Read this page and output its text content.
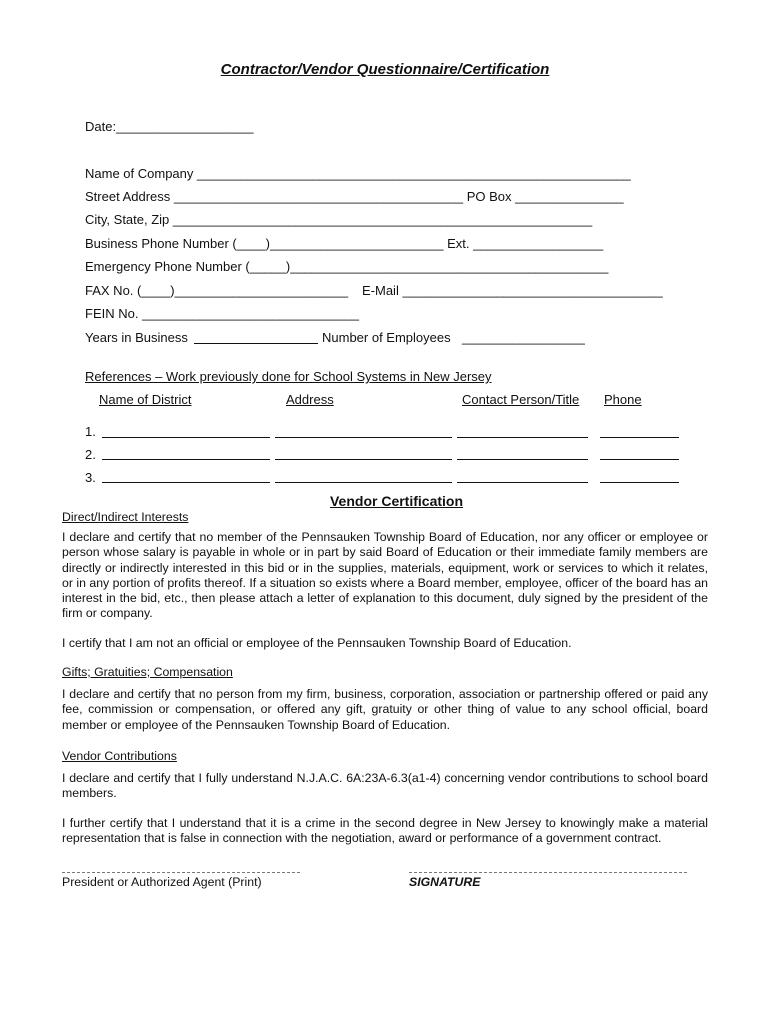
Contractor/Vendor Questionnaire/Certification
Date:___________________
Name of Company ____________________________________________________________
Street Address ________________________________________ PO Box _______________
City, State, Zip __________________________________________________________
Business Phone Number (____)________________________ Ext. __________________
Emergency Phone Number (_____)____________________________________________
FAX No. (____)________________________ E-Mail ____________________________________
FEIN No. ______________________________
Years in Business	Number of Employees _________________
References – Work previously done for School Systems in New Jersey
Name of District	Address	Contact Person/Title Phone
1.
2.
3.
Vendor Certification
Direct/Indirect Interests
I declare and certify that no member of the Pennsauken Township Board of Education, nor any officer or employee or person whose salary is payable in whole or in part by said Board of Education or their immediate family members are directly or indirectly interested in this bid or in the supplies, materials, equipment, work or services to which it relates, or in any portion of profits thereof. If a situation so exists where a Board member, employee, officer of the board has an interest in the bid, etc., then please attach a letter of explanation to this document, duly signed by the president of the firm or company.
I certify that I am not an official or employee of the Pennsauken Township Board of Education.
Gifts; Gratuities; Compensation
I declare and certify that no person from my firm, business, corporation, association or partnership offered or paid any fee, commission or compensation, or offered any gift, gratuity or other thing of value to any school official, board member or employee of the Pennsauken Township Board of Education.
Vendor Contributions
I declare and certify that I fully understand N.J.A.C. 6A:23A-6.3(a1-4) concerning vendor contributions to school board members.
I further certify that I understand that it is a crime in the second degree in New Jersey to knowingly make a material representation that is false in connection with the negotiation, award or performance of a government contract.
President or Authorized Agent (Print)	SIGNATURE
